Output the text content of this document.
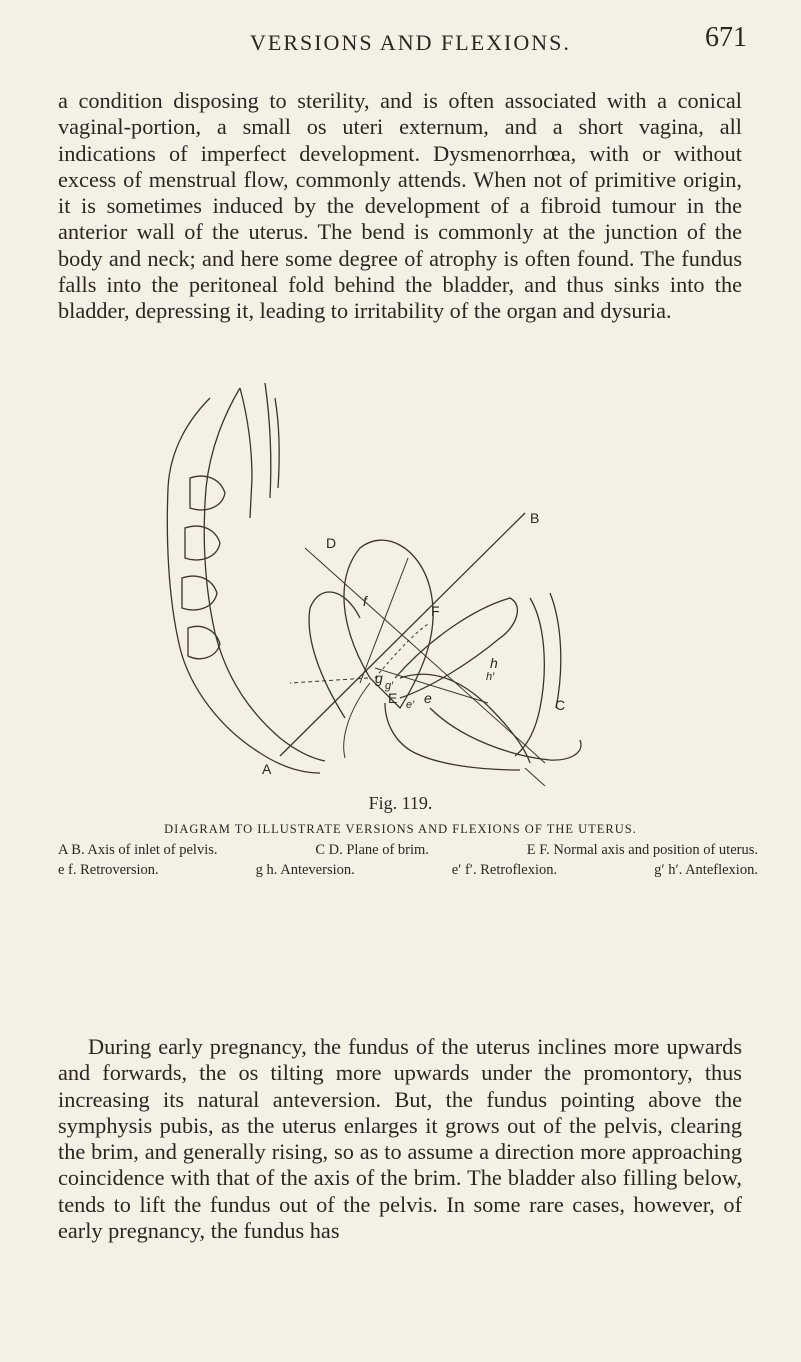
VERSIONS AND FLEXIONS.	671

a condition disposing to sterility, and is often associated with a conical vaginal-portion, a small os uteri externum, and a short vagina, all indications of imperfect development. Dysmenorrhœa, with or without excess of menstrual flow, commonly attends. When not of primitive origin, it is sometimes induced by the development of a fibroid tumour in the anterior wall of the uterus. The bend is commonly at the junction of the body and neck; and here some degree of atrophy is often found. The fundus falls into the peritoneal fold behind the bladder, and thus sinks into the bladder, depressing it, leading to irritability of the organ and dysuria.

D
B
f
F
h
h′
g g′
E e
e′	C
A
Fig. 119.
DIAGRAM TO ILLUSTRATE VERSIONS AND FLEXIONS OF THE UTERUS.
A B. Axis of inlet of pelvis.	C D. Plane of brim.	E F. Normal axis and position of uterus.
e f. Retroversion.	g h. Anteversion.	e′ f′. Retroflexion.	g′ h′. Anteflexion.

During early pregnancy, the fundus of the uterus inclines more upwards and forwards, the os tilting more upwards under the promontory, thus increasing its natural anteversion. But, the fundus pointing above the symphysis pubis, as the uterus enlarges it grows out of the pelvis, clearing the brim, and generally rising, so as to assume a direction more approaching coincidence with that of the axis of the brim. The bladder also filling below, tends to lift the fundus out of the pelvis. In some rare cases, however, of early pregnancy, the fundus has
